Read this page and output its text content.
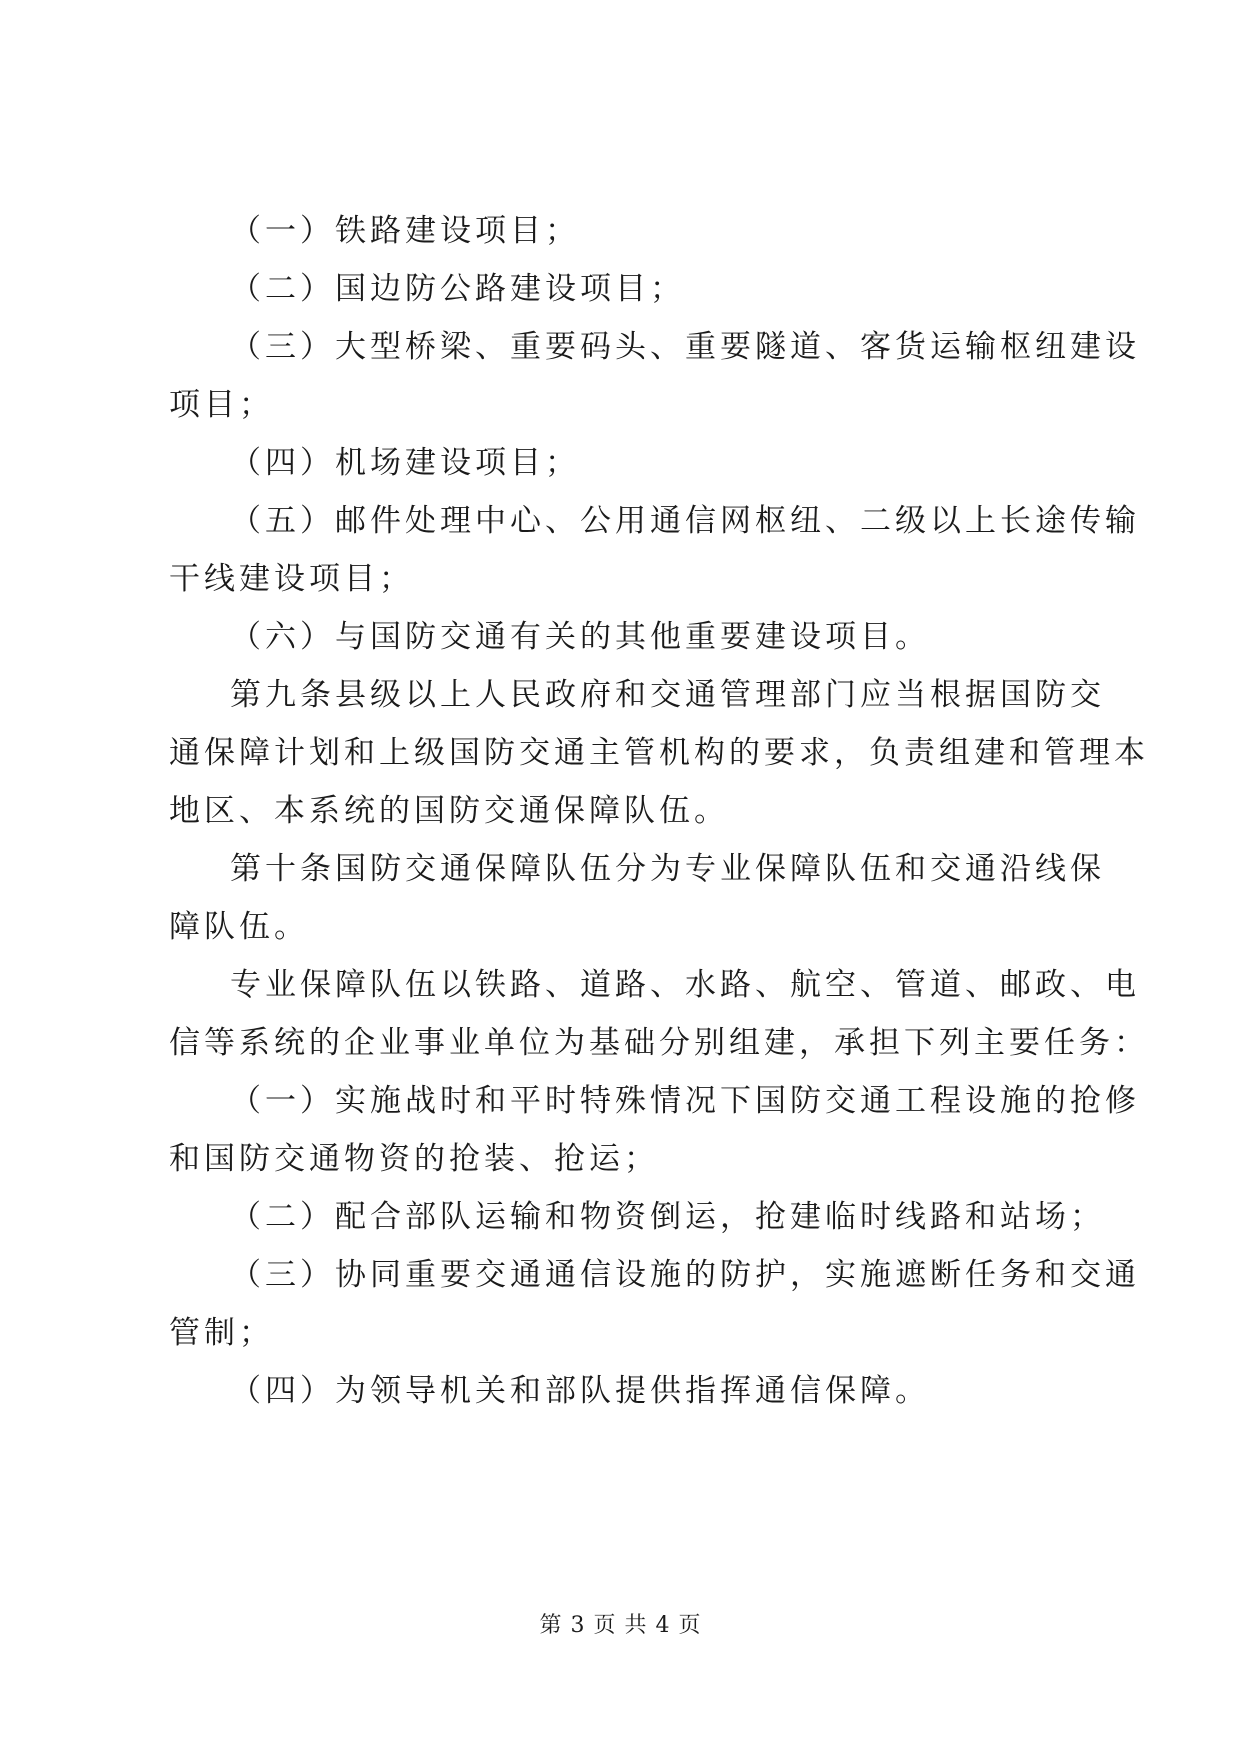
（一）铁路建设项目；
（二）国边防公路建设项目；
（三）大型桥梁、重要码头、重要隧道、客货运输枢纽建设
项目；
（四）机场建设项目；
（五）邮件处理中心、公用通信网枢纽、二级以上长途传输
干线建设项目；
（六）与国防交通有关的其他重要建设项目。
第九条县级以上人民政府和交通管理部门应当根据国防交
通保障计划和上级国防交通主管机构的要求，负责组建和管理本
地区、本系统的国防交通保障队伍。
第十条国防交通保障队伍分为专业保障队伍和交通沿线保
障队伍。
专业保障队伍以铁路、道路、水路、航空、管道、邮政、电
信等系统的企业事业单位为基础分别组建，承担下列主要任务：
（一）实施战时和平时特殊情况下国防交通工程设施的抢修
和国防交通物资的抢装、抢运；
（二）配合部队运输和物资倒运，抢建临时线路和站场；
（三）协同重要交通通信设施的防护，实施遮断任务和交通
管制；
（四）为领导机关和部队提供指挥通信保障。
第 3 页 共 4 页
